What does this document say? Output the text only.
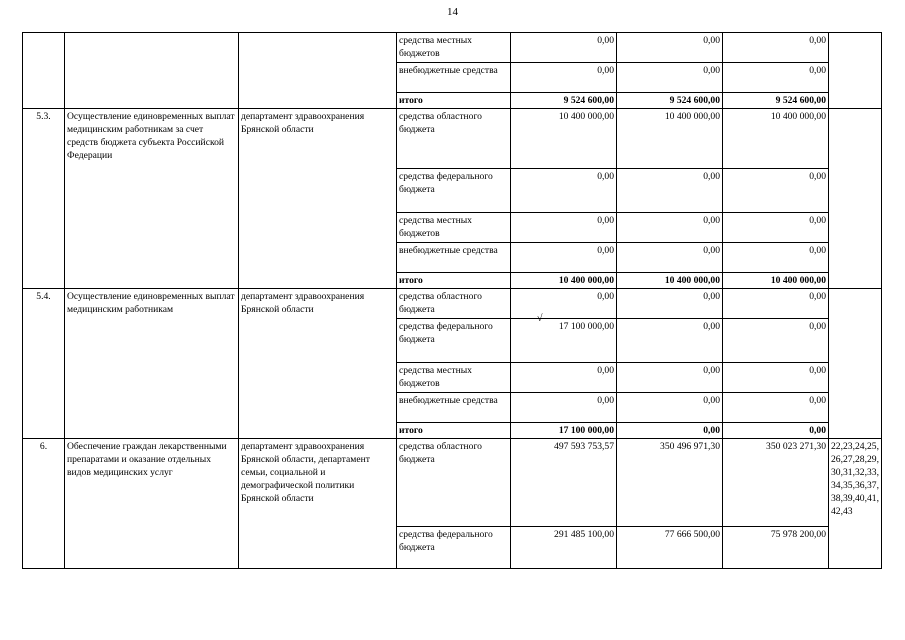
14
			средства местных бюджетов	0,00	0,00	0,00	
			внебюджетные средства	0,00	0,00	0,00	
			итого	9 524 600,00	9 524 600,00	9 524 600,00	
5.3.	Осуществление единовременных выплат медицинским работникам за счет средств бюджета субъекта Российской Федерации	департамент здравоохранения Брянской области	средства областного бюджета	10 400 000,00	10 400 000,00	10 400 000,00	
			средства федерального бюджета	0,00	0,00	0,00	
			средства местных бюджетов	0,00	0,00	0,00	
			внебюджетные средства	0,00	0,00	0,00	
			итого	10 400 000,00	10 400 000,00	10 400 000,00	
5.4.	Осуществление единовременных выплат медицинским работникам	департамент здравоохранения Брянской области	средства областного бюджета	0,00	0,00	0,00	
			средства федерального бюджета	17 100 000,00	0,00	0,00	
			средства местных бюджетов	0,00	0,00	0,00	
			внебюджетные средства	0,00	0,00	0,00	
			итого	17 100 000,00	0,00	0,00	
6.	Обеспечение граждан лекарственными препаратами и оказание отдельных видов медицинских услуг	департамент здравоохранения Брянской области, департамент семьи, социальной и демографической политики Брянской области	средства областного бюджета	497 593 753,57	350 496 971,30	350 023 271,30	22,23,24,25,26,27,28,29,30,31,32,33,34,35,36,37,38,39,40,41,42,43
			средства федерального бюджета	291 485 100,00	77 666 500,00	75 978 200,00	
√
